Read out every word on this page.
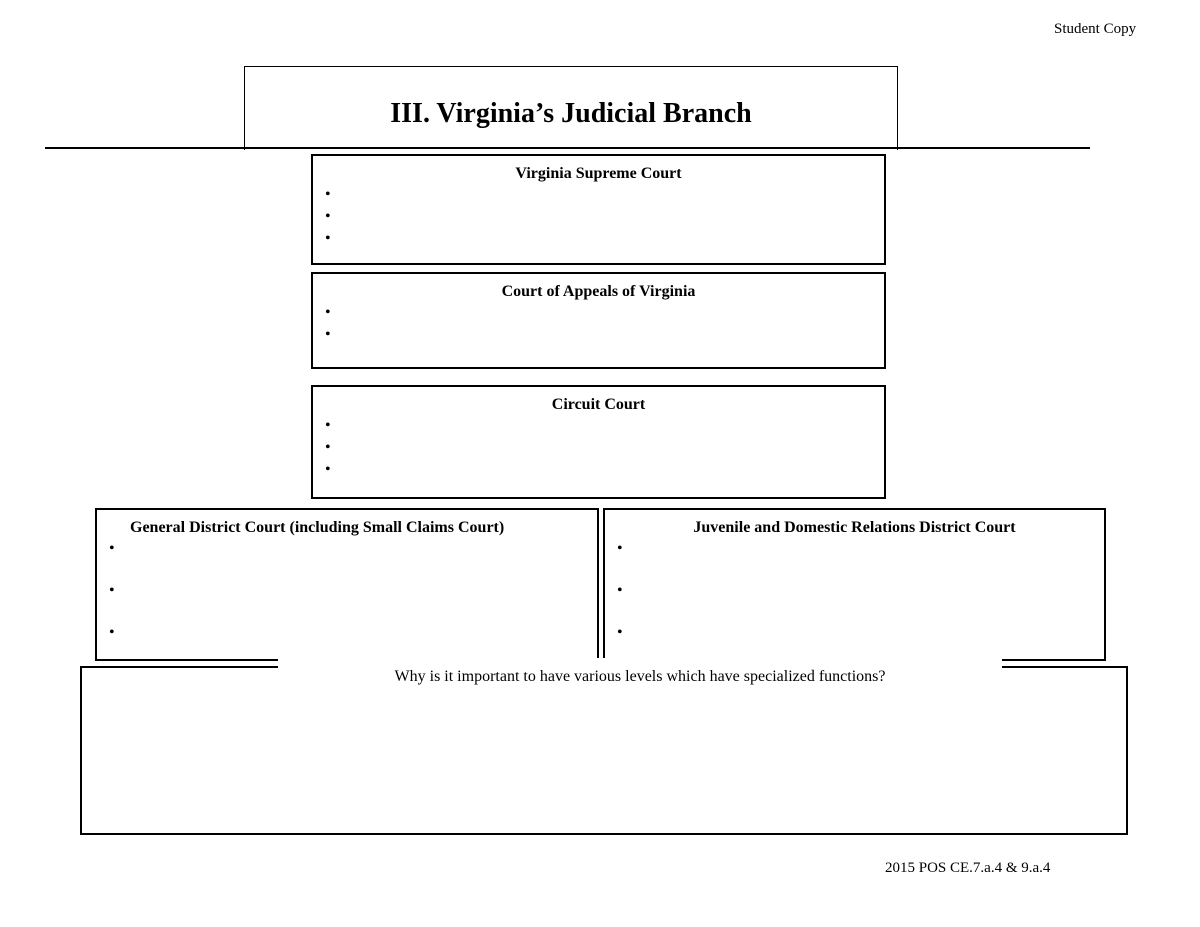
Student Copy
III. Virginia’s Judicial Branch
Virginia Supreme Court
•
•
•
Court of Appeals of Virginia
•
•
Circuit Court
•
•
•
General District Court (including Small Claims Court)
•
•
•
Juvenile and Domestic Relations District Court
•
•
•
Why is it important to have various levels which have specialized functions?
2015 POS CE.7.a.4 & 9.a.4
